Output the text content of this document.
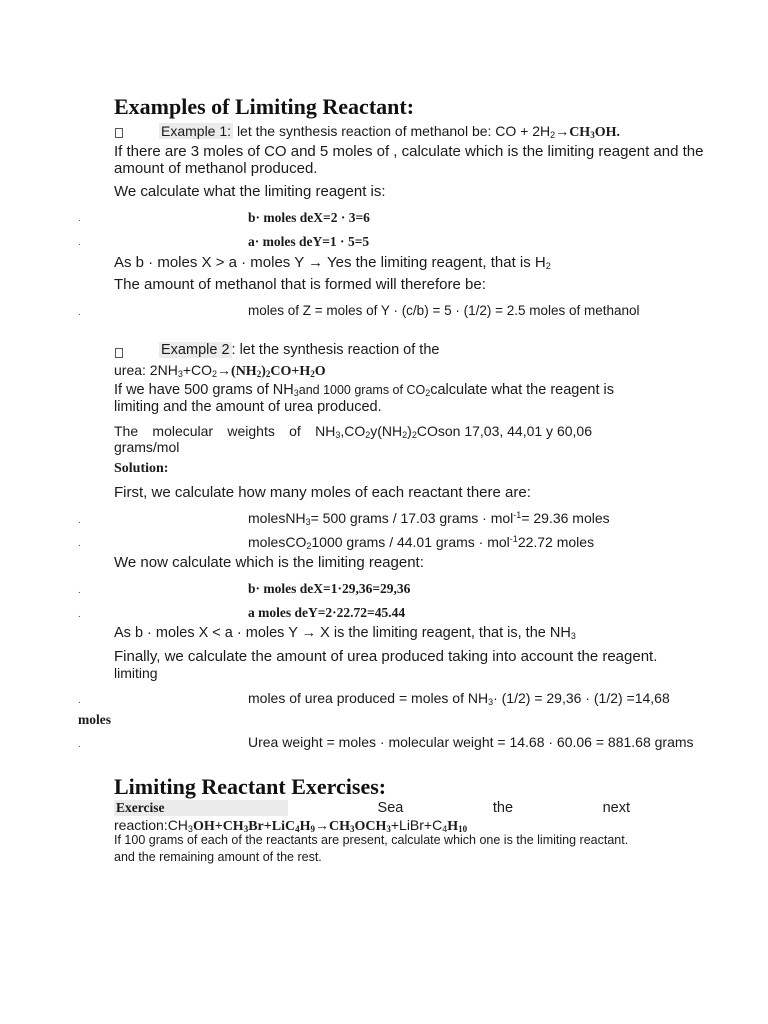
Examples of Limiting Reactant:
Example 1: let the synthesis reaction of methanol be: CO + $2H_2\to CH_3OH$.
If there are 3 moles of CO and 5 moles of , calculate which is the limiting reagent and the
amount of methanol produced.
We calculate what the limiting reagent is:
.	b· moles deX=2 · 3=6
.	a· moles deY=1 · 5=5
As b · moles X > a · moles Y → Yes the limiting reagent, that is $H_2$
The amount of methanol that is formed will therefore be:
.	moles of Z = moles of Y · (c/b) = 5 · (1/2) = 2.5 moles of methanol
Example 2 : let the synthesis reaction of the
urea: $2NH_3+CO_2\to(NH_2)_2CO+H_2O$
If we have 500 grams of $NH_3and$ 1000 grams of $CO_2calculate$ what the reagent is
limiting and the amount of urea produced.
The molecular weights of $NH_3,CO_2y(NH_2)_2COson$ 17,03, 44,01 y 60,06
grams/mol
Solution:
First, we calculate how many moles of each reactant there are:
.	molesNH$_3$= 500 grams / 17.03 grams · mol$^{-1}$= 29.36 moles
.	molesCO$_2$1000 grams / 44.01 grams · mol$^{-1}$22.72 moles
We now calculate which is the limiting reagent:
.	b· moles deX=1·29,36=29,36
.	a moles deY=2·22.72=45.44
As b · moles X < a · moles Y → X is the limiting reagent, that is, the $NH_3$
Finally, we calculate the amount of urea produced taking into account the reagent.
limiting
.	moles of urea produced = moles of $NH_3\cdot (1/2) = 29,36 \cdot (1/2) =14,68$
moles
.	Urea weight = moles · molecular weight = 14.68 · 60.06 = 881.68 grams
Limiting Reactant Exercises:
Exercise	Sea	the	next
$reaction:CH_3OH+CH_3Br+LiC_4H_9\to CH_3OCH_3+LiBr+C_4H_{10}$
If 100 grams of each of the reactants are present, calculate which one is the limiting reactant.
and the remaining amount of the rest.
